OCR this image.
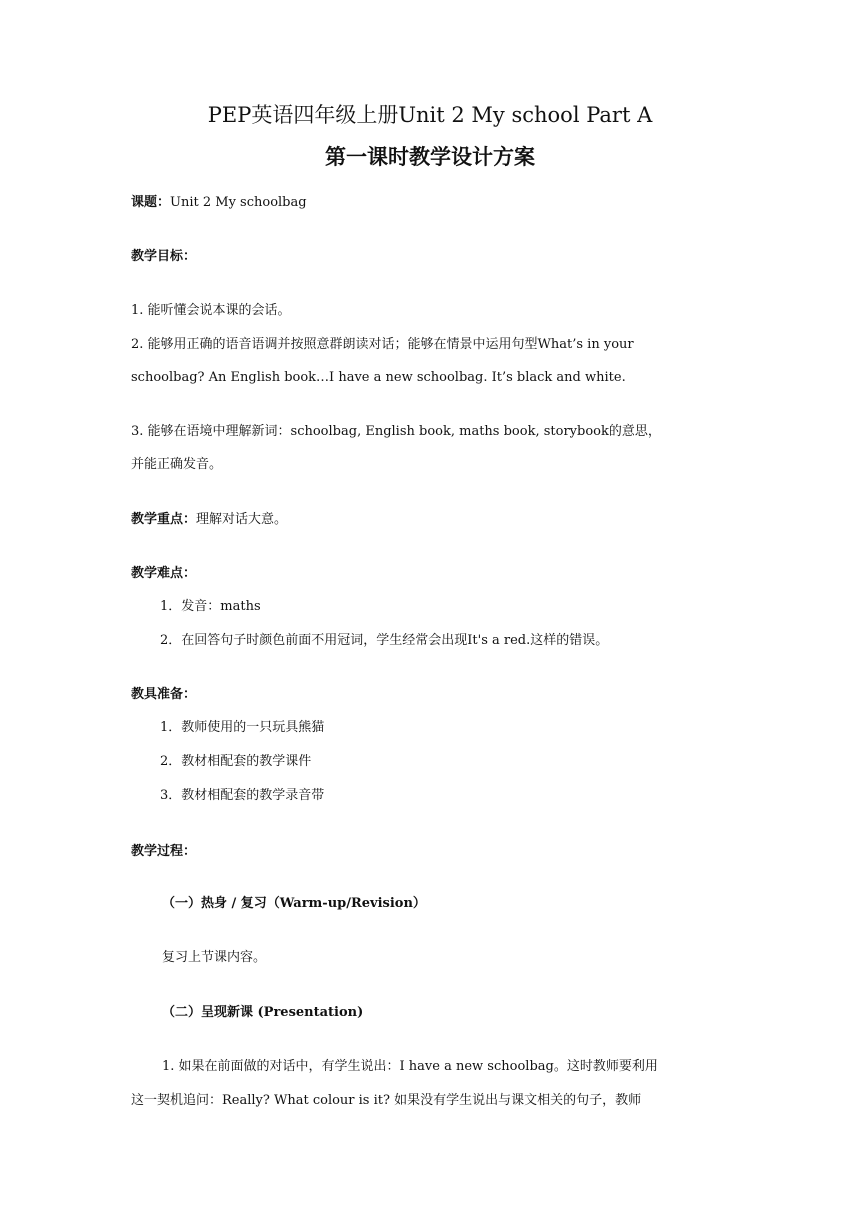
PEP英语四年级上册Unit 2 My school Part A
第一课时教学设计方案
课题：Unit 2 My schoolbag
教学目标：
1. 能听懂会说本课的会话。
2. 能够用正确的语音语调并按照意群朗读对话；能够在情景中运用句型What’s in your
schoolbag? An English book…I have a new schoolbag. It’s black and white.
3. 能够在语境中理解新词：schoolbag, English book, maths book, storybook的意思，
并能正确发音。
教学重点：理解对话大意。
教学难点：
1．发音：maths
2．在回答句子时颜色前面不用冠词，学生经常会出现It's a red.这样的错误。
教具准备：
1．教师使用的一只玩具熊猫
2．教材相配套的教学课件
3．教材相配套的教学录音带
教学过程：
（一）热身 / 复习（Warm-up/Revision）
复习上节课内容。
（二）呈现新课 (Presentation)
1. 如果在前面做的对话中，有学生说出：I have a new schoolbag。这时教师要利用
这一契机追问：Really? What colour is it? 如果没有学生说出与课文相关的句子，教师
